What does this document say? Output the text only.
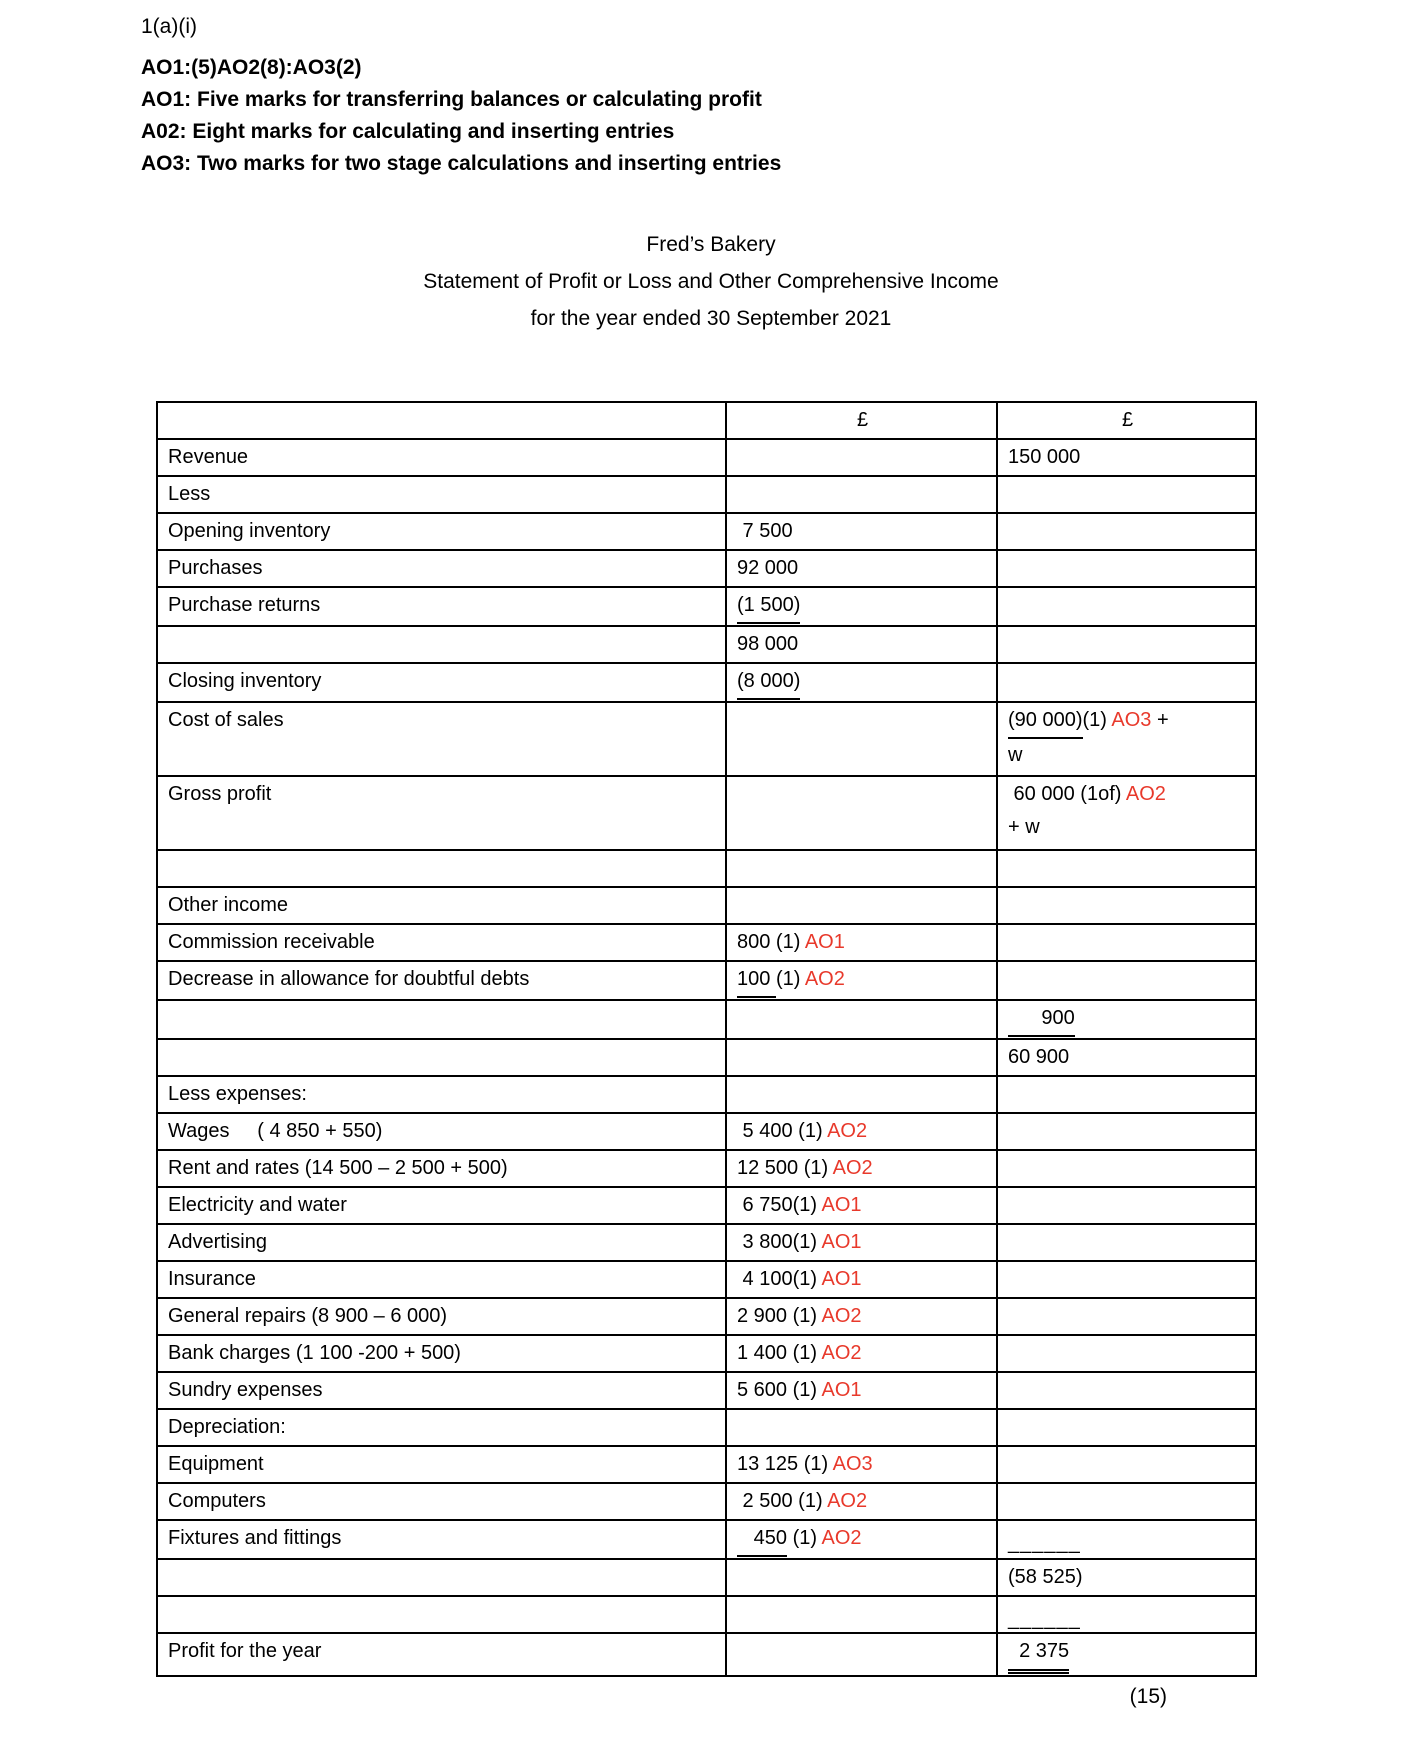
1(a)(i)
AO1:(5)AO2(8):AO3(2)
AO1: Five marks for transferring balances or calculating profit
A02: Eight marks for calculating and inserting entries
AO3: Two marks for two stage calculations and inserting entries
Fred’s Bakery
Statement of Profit or Loss and Other Comprehensive Income
for the year ended 30 September 2021
	£	£
Revenue		150 000
Less		
Opening inventory	7 500	
Purchases	92 000	
Purchase returns	(1 500)	
	98 000	
Closing inventory	(8 000)	
Cost of sales		(90 000)(1) AO3 +
w
Gross profit		60 000 (1of) AO2
+ w

Other income		
Commission receivable	800 (1) AO1	
Decrease in allowance for doubtful debts	100 (1) AO2	
		900
		60 900
Less expenses:		
Wages     ( 4 850 + 550)	5 400 (1) AO2	
Rent and rates (14 500 – 2 500 + 500)	12 500 (1) AO2	
Electricity and water	6 750(1) AO1	
Advertising	3 800(1) AO1	
Insurance	4 100(1) AO1	
General repairs (8 900 – 6 000)	2 900 (1) AO2	
Bank charges (1 100 -200 + 500)	1 400 (1) AO2	
Sundry expenses	5 600 (1) AO1	
Depreciation:		
Equipment	13 125 (1) AO3	
Computers	2 500 (1) AO2	
Fixtures and fittings	450 (1) AO2	______
		(58 525)
		______
Profit for the year		2 375
(15)
